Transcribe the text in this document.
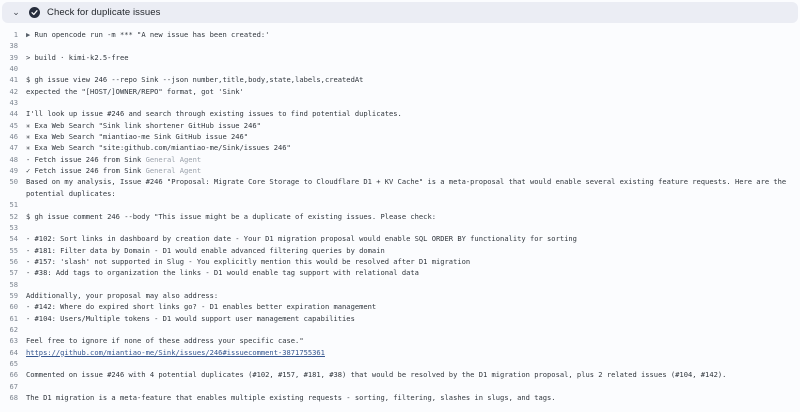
⌄	Check for duplicate issues
1	▶ Run opencode run -m *** "A new issue has been created:'
38
39	> build · kimi-k2.5-free
40
41	$ gh issue view 246 --repo Sink --json number,title,body,state,labels,createdAt
42	expected the "[HOST/]OWNER/REPO" format, got 'Sink'
43
44	I'll look up issue #246 and search through existing issues to find potential duplicates.
45	✳ Exa Web Search "Sink link shortener GitHub issue 246"
46	✳ Exa Web Search "miantiao-me Sink GitHub issue 246"
47	✳ Exa Web Search "site:github.com/miantiao-me/Sink/issues 246"
48	- Fetch issue 246 from Sink General Agent
49	✓ Fetch issue 246 from Sink General Agent
50	Based on my analysis, Issue #246 "Proposal: Migrate Core Storage to Cloudflare D1 + KV Cache" is a meta-proposal that would enable several existing feature requests. Here are the potential duplicates:
51
52	$ gh issue comment 246 --body "This issue might be a duplicate of existing issues. Please check:
53
54	- #102: Sort links in dashboard by creation date - Your D1 migration proposal would enable SQL ORDER BY functionality for sorting
55	- #181: Filter data by Domain - D1 would enable advanced filtering queries by domain
56	- #157: 'slash' not supported in Slug - You explicitly mention this would be resolved after D1 migration
57	- #38: Add tags to organization the links - D1 would enable tag support with relational data
58
59	Additionally, your proposal may also address:
60	- #142: Where do expired short links go? - D1 enables better expiration management
61	- #104: Users/Multiple tokens - D1 would support user management capabilities
62
63	Feel free to ignore if none of these address your specific case."
64	https://github.com/miantiao-me/Sink/issues/246#issuecomment-3871755361
65
66	Commented on issue #246 with 4 potential duplicates (#102, #157, #181, #38) that would be resolved by the D1 migration proposal, plus 2 related issues (#104, #142).
67
68	The D1 migration is a meta-feature that enables multiple existing requests - sorting, filtering, slashes in slugs, and tags.
